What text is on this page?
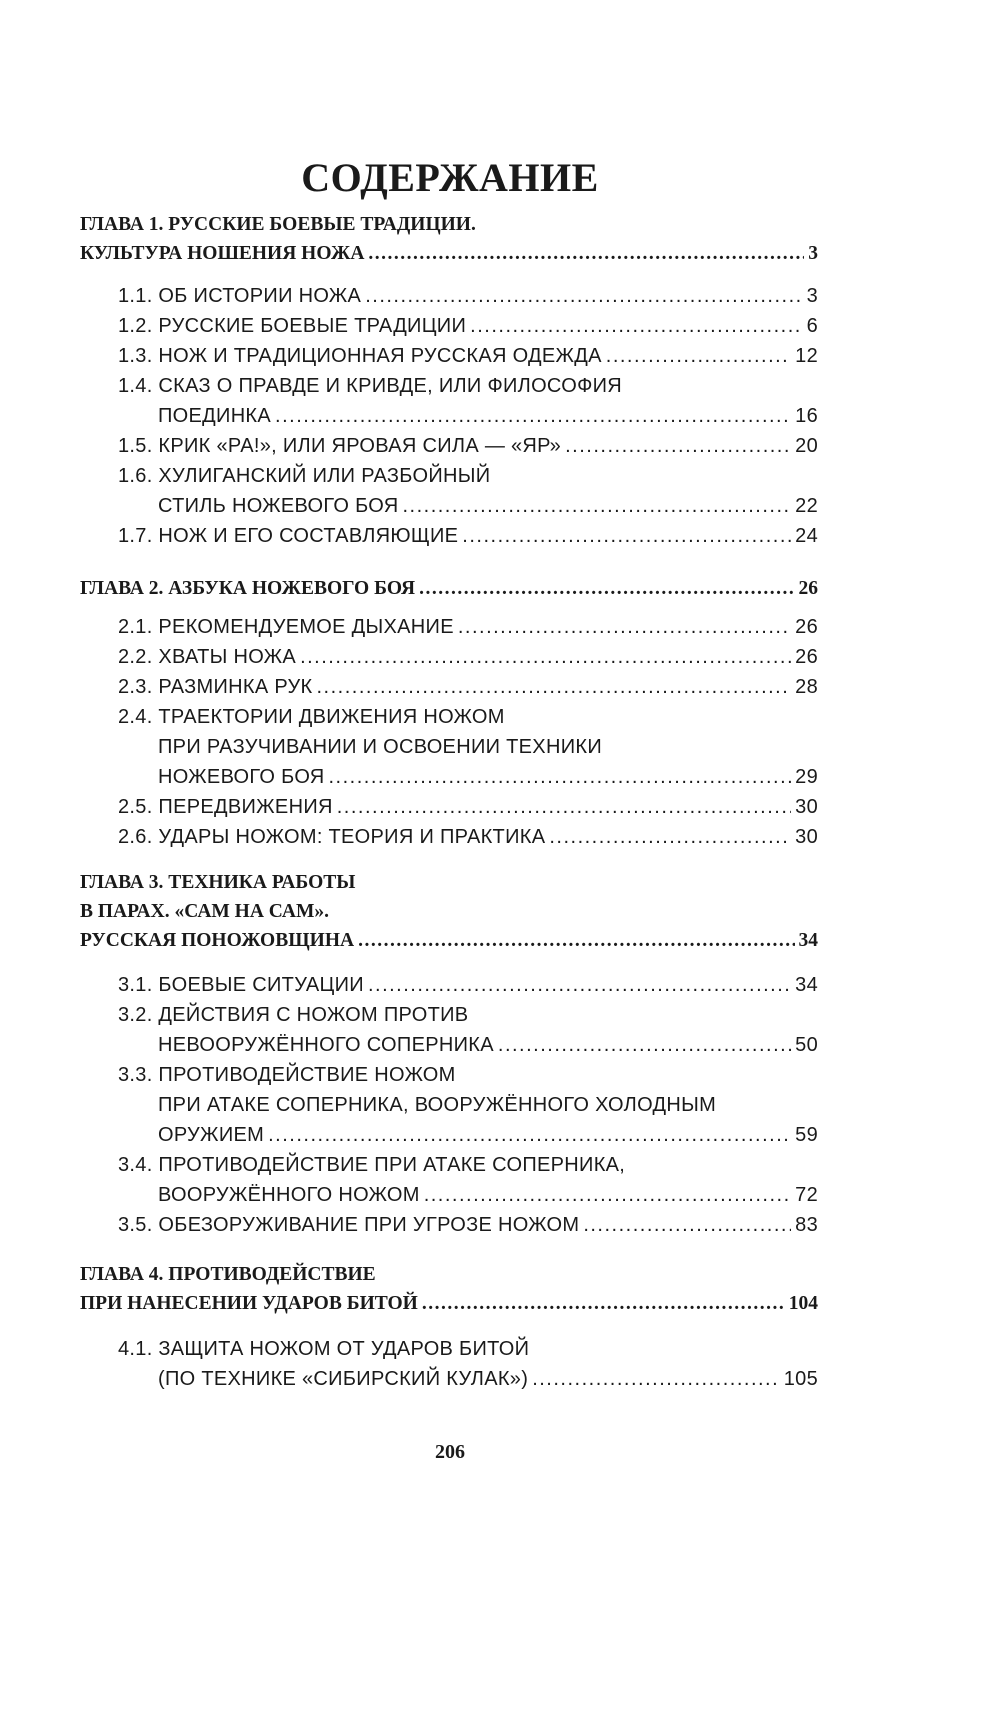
СОДЕРЖАНИЕ
ГЛАВА 1. РУССКИЕ БОЕВЫЕ ТРАДИЦИИ.
КУЛЬТУРА НОШЕНИЯ НОЖА .....	3
1.1. ОБ ИСТОРИИ НОЖА .....	3
1.2. РУССКИЕ БОЕВЫЕ ТРАДИЦИИ .....	6
1.3. НОЖ И ТРАДИЦИОННАЯ РУССКАЯ ОДЕЖДА .....	12
1.4. СКАЗ О ПРАВДЕ И КРИВДЕ, ИЛИ ФИЛОСОФИЯ
ПОЕДИНКА .....	16
1.5. КРИК «РА!», ИЛИ ЯРОВАЯ СИЛА — «ЯР» .....	20
1.6. ХУЛИГАНСКИЙ ИЛИ РАЗБОЙНЫЙ
СТИЛЬ НОЖЕВОГО БОЯ .....	22
1.7. НОЖ И ЕГО СОСТАВЛЯЮЩИЕ .....	24
ГЛАВА 2. АЗБУКА НОЖЕВОГО БОЯ .....	26
2.1. РЕКОМЕНДУЕМОЕ ДЫХАНИЕ .....	26
2.2. ХВАТЫ НОЖА .....	26
2.3. РАЗМИНКА РУК .....	28
2.4. ТРАЕКТОРИИ ДВИЖЕНИЯ НОЖОМ
ПРИ РАЗУЧИВАНИИ И ОСВОЕНИИ ТЕХНИКИ
НОЖЕВОГО БОЯ .....	29
2.5. ПЕРЕДВИЖЕНИЯ .....	30
2.6. УДАРЫ НОЖОМ: ТЕОРИЯ И ПРАКТИКА .....	30
ГЛАВА 3. ТЕХНИКА РАБОТЫ
В ПАРАХ. «САМ НА САМ».
РУССКАЯ ПОНОЖОВЩИНА .....	34
3.1. БОЕВЫЕ СИТУАЦИИ .....	34
3.2. ДЕЙСТВИЯ С НОЖОМ ПРОТИВ
НЕВООРУЖЁННОГО СОПЕРНИКА .....	50
3.3. ПРОТИВОДЕЙСТВИЕ НОЖОМ
ПРИ АТАКЕ СОПЕРНИКА, ВООРУЖЁННОГО ХОЛОДНЫМ
ОРУЖИЕМ .....	59
3.4. ПРОТИВОДЕЙСТВИЕ ПРИ АТАКЕ СОПЕРНИКА,
ВООРУЖЁННОГО НОЖОМ .....	72
3.5. ОБЕЗОРУЖИВАНИЕ ПРИ УГРОЗЕ НОЖОМ .....	83
ГЛАВА 4. ПРОТИВОДЕЙСТВИЕ
ПРИ НАНЕСЕНИИ УДАРОВ БИТОЙ .....	104
4.1. ЗАЩИТА НОЖОМ ОТ УДАРОВ БИТОЙ
(ПО ТЕХНИКЕ «СИБИРСКИЙ КУЛАК») .....	105
206
